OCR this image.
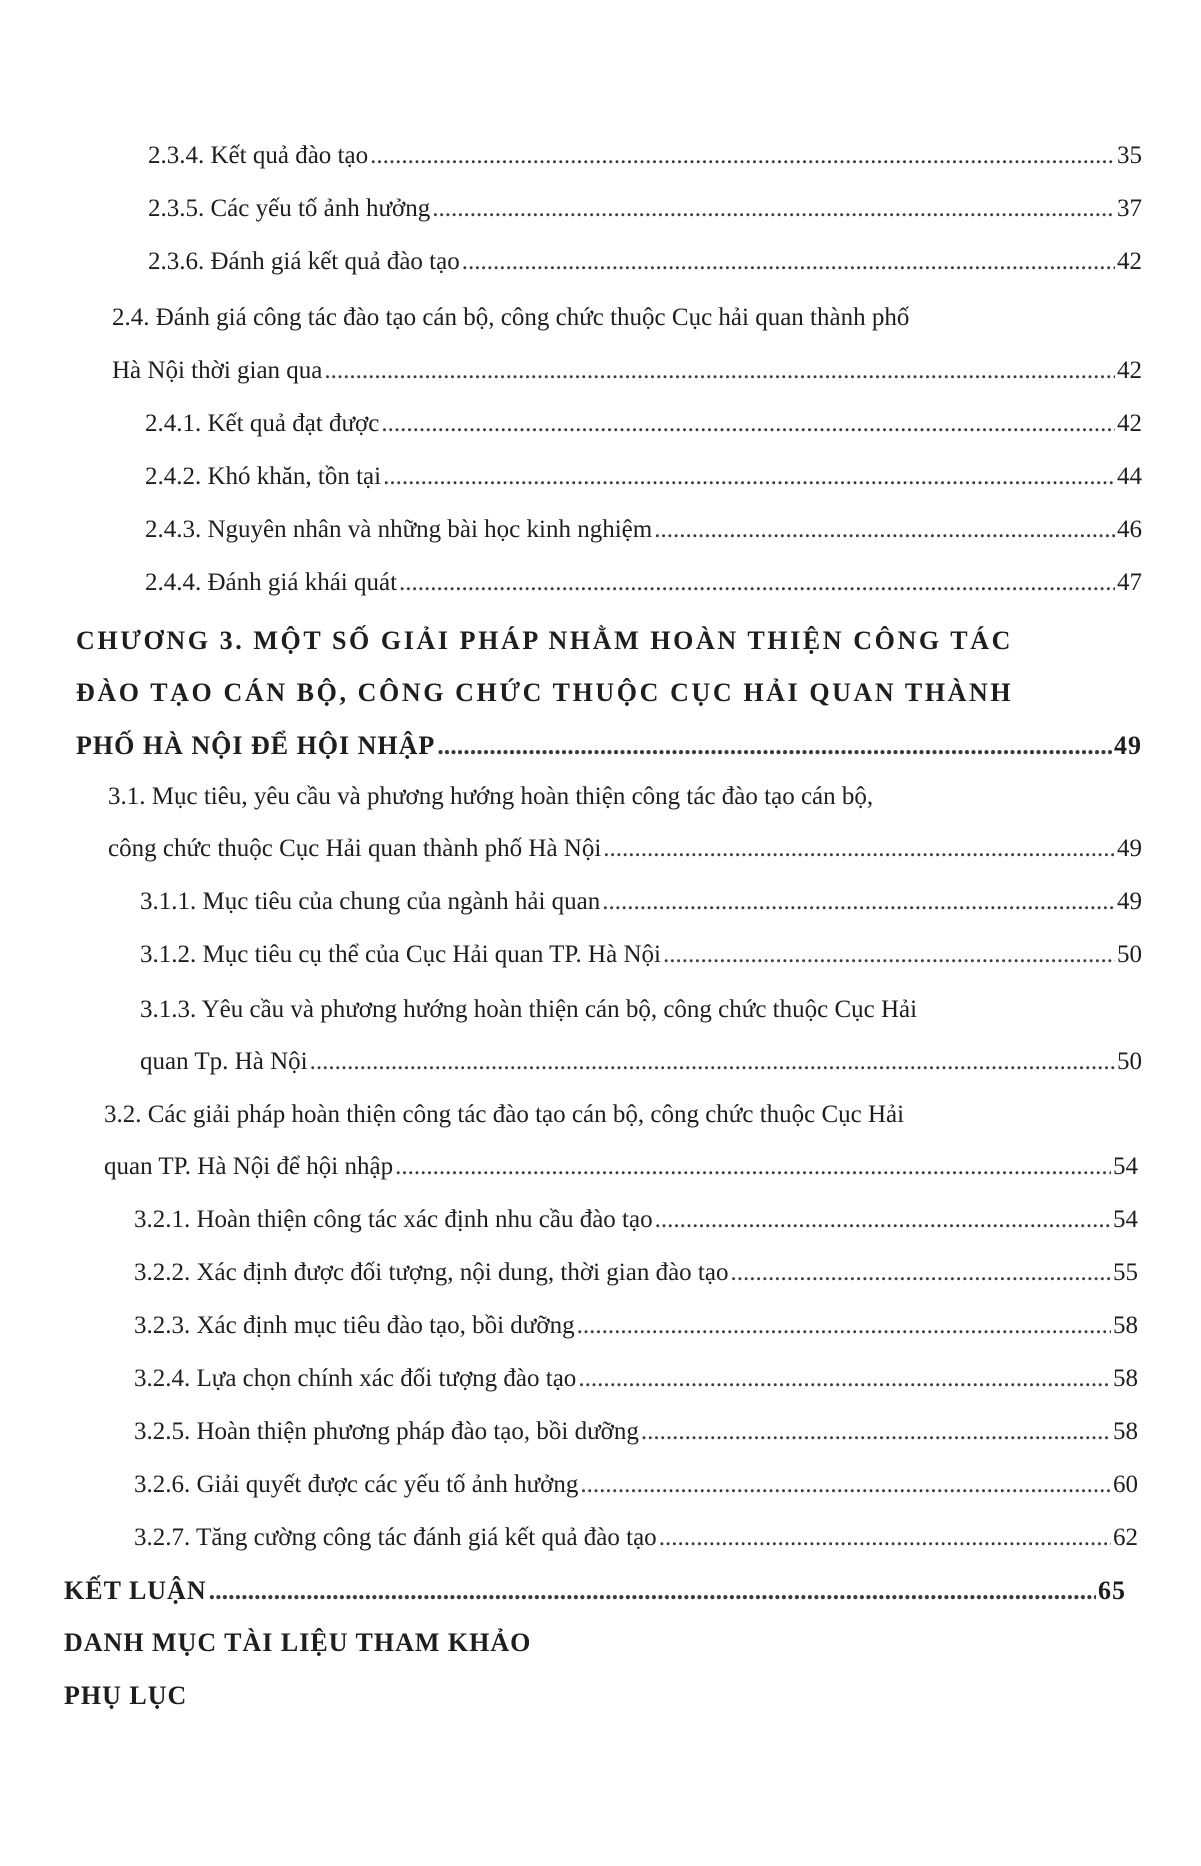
2.3.4. Kết quả đào tạo .....	35
2.3.5. Các yếu tố ảnh hưởng .....	37
2.3.6. Đánh giá kết quả đào tạo .....	42
2.4. Đánh giá công tác đào tạo cán bộ, công chức thuộc Cục hải quan thành phố
Hà Nội thời gian qua .....	42
2.4.1. Kết quả đạt được .....	42
2.4.2. Khó khăn, tồn tại .....	44
2.4.3. Nguyên nhân và những bài học kinh nghiệm .....	46
2.4.4. Đánh giá khái quát .....	47
CHƯƠNG 3. MỘT SỐ GIẢI PHÁP NHẰM HOÀN THIỆN CÔNG TÁC
ĐÀO TẠO CÁN BỘ, CÔNG CHỨC THUỘC CỤC HẢI QUAN THÀNH
PHỐ HÀ NỘI ĐỂ HỘI NHẬP .....	49
3.1. Mục tiêu, yêu cầu và phương hướng hoàn thiện công tác đào tạo cán bộ,
công chức thuộc Cục Hải quan thành phố Hà Nội .....	49
3.1.1. Mục tiêu của chung của ngành hải quan .....	49
3.1.2. Mục tiêu cụ thể của Cục Hải quan TP. Hà Nội .....	50
3.1.3. Yêu cầu và phương hướng hoàn thiện cán bộ, công chức thuộc Cục Hải
quan Tp. Hà Nội .....	50
3.2. Các giải pháp hoàn thiện công tác đào tạo cán bộ, công chức thuộc Cục Hải
quan TP. Hà Nội để hội nhập .....	54
3.2.1. Hoàn thiện công tác xác định nhu cầu đào tạo .....	54
3.2.2. Xác định được đối tượng, nội dung, thời gian đào tạo .....	55
3.2.3. Xác định mục tiêu đào tạo, bồi dưỡng .....	58
3.2.4. Lựa chọn chính xác đối tượng đào tạo .....	58
3.2.5. Hoàn thiện phương pháp đào tạo, bồi dưỡng .....	58
3.2.6. Giải quyết được các yếu tố ảnh hưởng .....	60
3.2.7. Tăng cường công tác đánh giá kết quả đào tạo .....	62
KẾT LUẬN .....	65
DANH MỤC TÀI LIỆU THAM KHẢO
PHỤ LỤC
